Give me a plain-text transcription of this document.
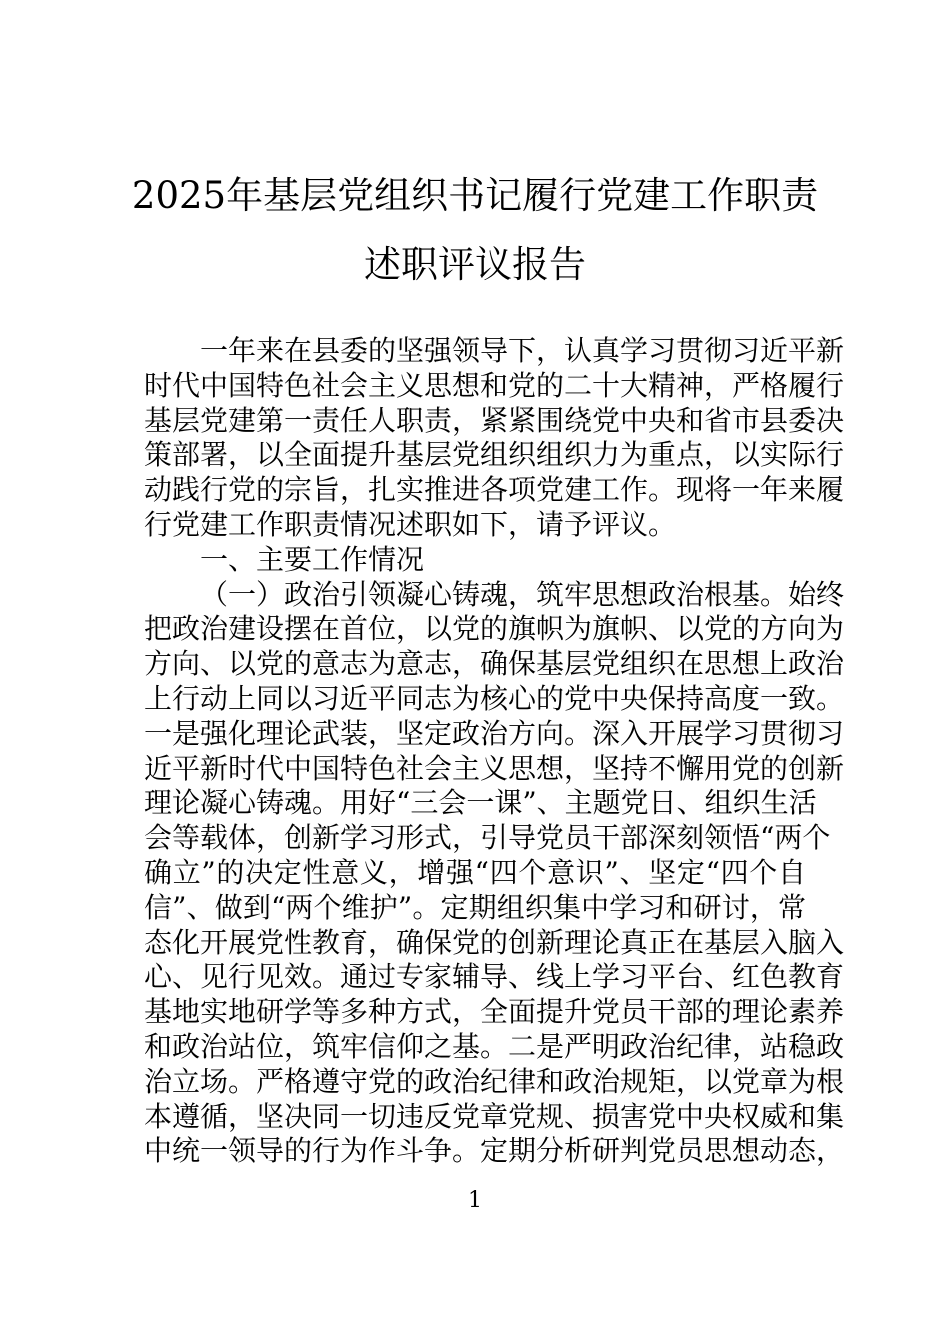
2025年基层党组织书记履行党建工作职责
述职评议报告
一年来在县委的坚强领导下，认真学习贯彻习近平新
时代中国特色社会主义思想和党的二十大精神，严格履行
基层党建第一责任人职责，紧紧围绕党中央和省市县委决
策部署，以全面提升基层党组织组织力为重点，以实际行
动践行党的宗旨，扎实推进各项党建工作。现将一年来履
行党建工作职责情况述职如下，请予评议。
一、主要工作情况
（一）政治引领凝心铸魂，筑牢思想政治根基。始终
把政治建设摆在首位，以党的旗帜为旗帜、以党的方向为
方向、以党的意志为意志，确保基层党组织在思想上政治
上行动上同以习近平同志为核心的党中央保持高度一致。
一是强化理论武装，坚定政治方向。深入开展学习贯彻习
近平新时代中国特色社会主义思想，坚持不懈用党的创新
理论凝心铸魂。用好“三会一课”、主题党日、组织生活
会等载体，创新学习形式，引导党员干部深刻领悟“两个
确立”的决定性意义，增强“四个意识”、坚定“四个自
信”、做到“两个维护”。定期组织集中学习和研讨，常
态化开展党性教育，确保党的创新理论真正在基层入脑入
心、见行见效。通过专家辅导、线上学习平台、红色教育
基地实地研学等多种方式，全面提升党员干部的理论素养
和政治站位，筑牢信仰之基。二是严明政治纪律，站稳政
治立场。严格遵守党的政治纪律和政治规矩，以党章为根
本遵循，坚决同一切违反党章党规、损害党中央权威和集
中统一领导的行为作斗争。定期分析研判党员思想动态，
1
